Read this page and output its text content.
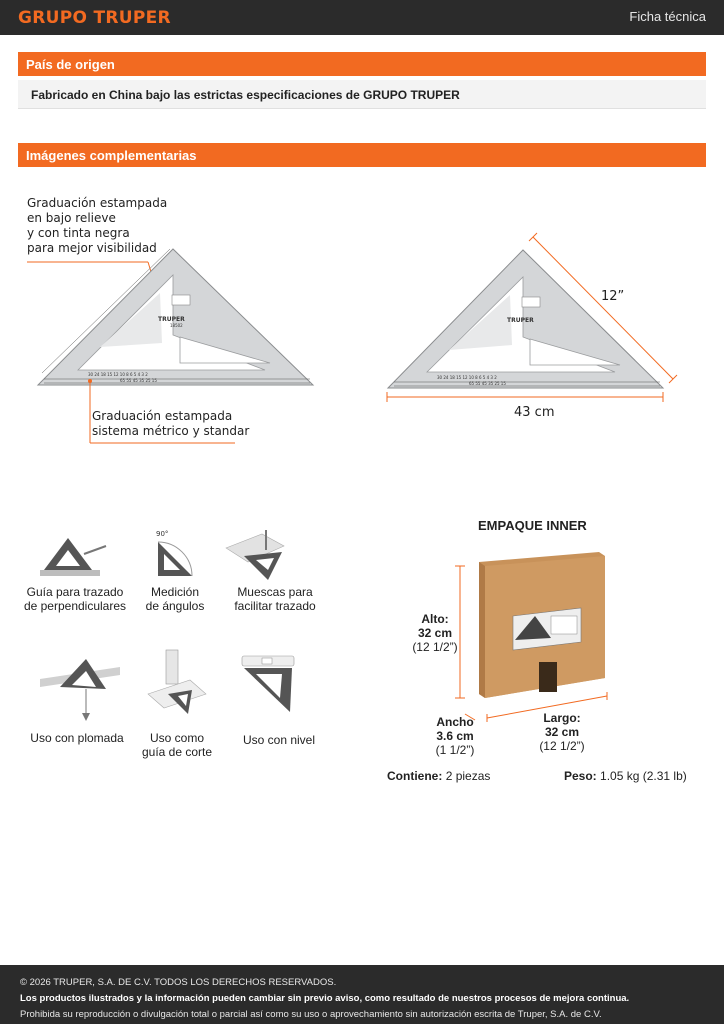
GRUPO TRUPER	Ficha técnica
País de origen
Fabricado en China bajo las estrictas especificaciones de GRUPO TRUPER
Imágenes complementarias
Graduación estampada
en bajo relieve
y con tinta negra
para mejor visibilidad
TRUPER
18502
30 24 18 15 12 10 8 6 5 4 3 2
65 55 45 35 25 15
Graduación estampada
sistema métrico y standar
TRUPER
30 24 18 15 12 10 8 6 5 4 3 2
65 55 45 35 25 15
12”
43 cm
Guía para trazado
de perpendiculares
90°
Medición
de ángulos
Muescas para
facilitar trazado
Uso con plomada	Uso como
guía de corte
Uso con nivel
EMPAQUE INNER
Alto:
32 cm
(12 1/2”)
Ancho
3.6 cm
(1 1/2”)
Largo:
32 cm
(12 1/2”)
Contiene: 2 piezas	Peso: 1.05 kg (2.31 lb)
© 2026 TRUPER, S.A. DE C.V. TODOS LOS DERECHOS RESERVADOS.
Los productos ilustrados y la información pueden cambiar sin previo aviso, como resultado de nuestros procesos de mejora continua.
Prohibida su reproducción o divulgación total o parcial así como su uso o aprovechamiento sin autorización escrita de Truper, S.A. de C.V.
